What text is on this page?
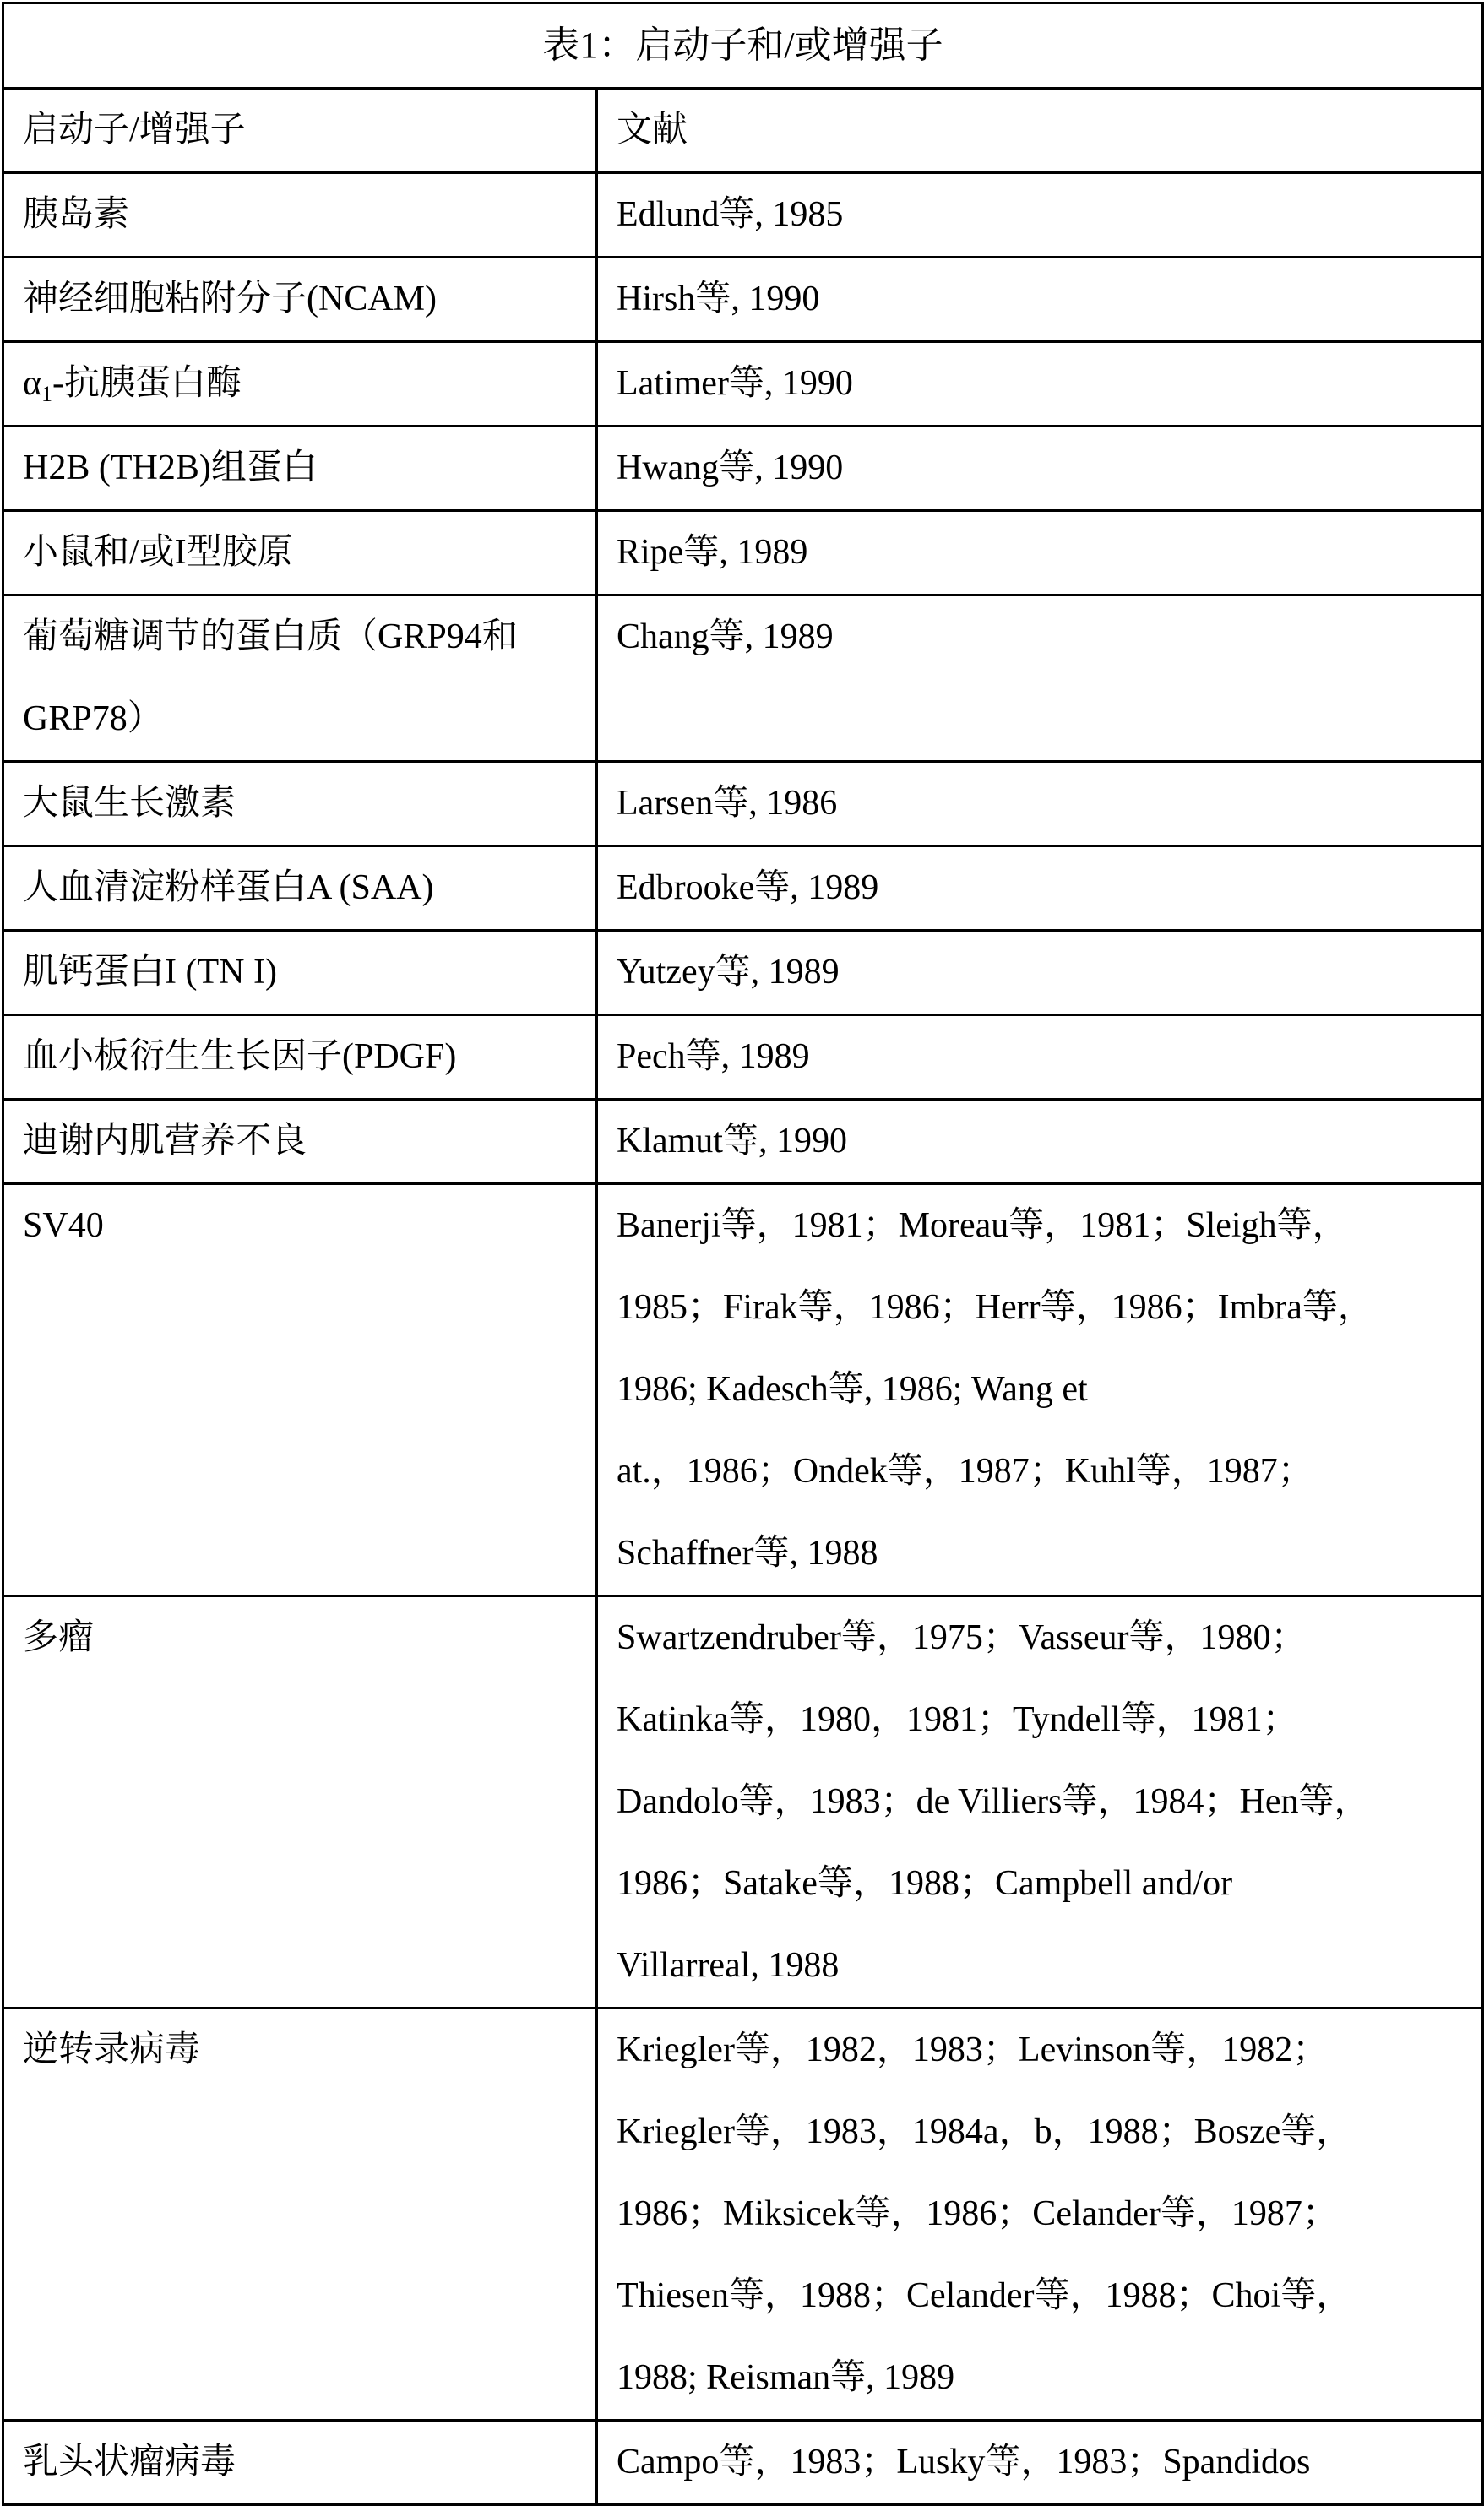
表1：启动子和/或增强子	
启动子/增强子	文献
胰岛素	Edlund等, 1985

神经细胞粘附分子(NCAM)	Hirsh等, 1990

$\alpha_1-$抗胰蛋白酶	Latimer等, 1990

H2B (TH2B)组蛋白	Hwang等, 1990

小鼠和/或I型胶原	Ripe等, 1989

葡萄糖调节的蛋白质（GRP94和GRP78）	Chang等, 1989

大鼠生长激素	Larsen等, 1986

人血清淀粉样蛋白A (SAA)	Edbrooke等, 1989

肌钙蛋白I (TN I)	Yutzey等, 1989

血小板衍生生长因子(PDGF)	Pech等, 1989

迪谢内肌营养不良	Klamut等, 1990

SV40	Banerji等，1981；Moreau等，1981；Sleigh等，
1985；Firak等，1986；Herr等，1986；Imbra等，
1986; Kadesch等, 1986; Wang et
at.，1986；Ondek等，1987；Kuhl等，1987；
Schaffner等, 1988

多瘤	Swartzendruber等，1975；Vasseur等，1980；
Katinka等，1980，1981；Tyndell等，1981；
Dandolo等，1983；de Villiers等，1984；Hen等，
1986；Satake等，1988；Campbell and/or
Villarreal, 1988

逆转录病毒	Kriegler等，1982，1983；Levinson等，1982；
Kriegler等，1983，1984a，b，1988；Bosze等，
1986；Miksicek等，1986；Celander等，1987；
Thiesen等，1988；Celander等，1988；Choi等，
1988; Reisman等, 1989

乳头状瘤病毒	Campo等，1983；Lusky等，1983；Spandidos
